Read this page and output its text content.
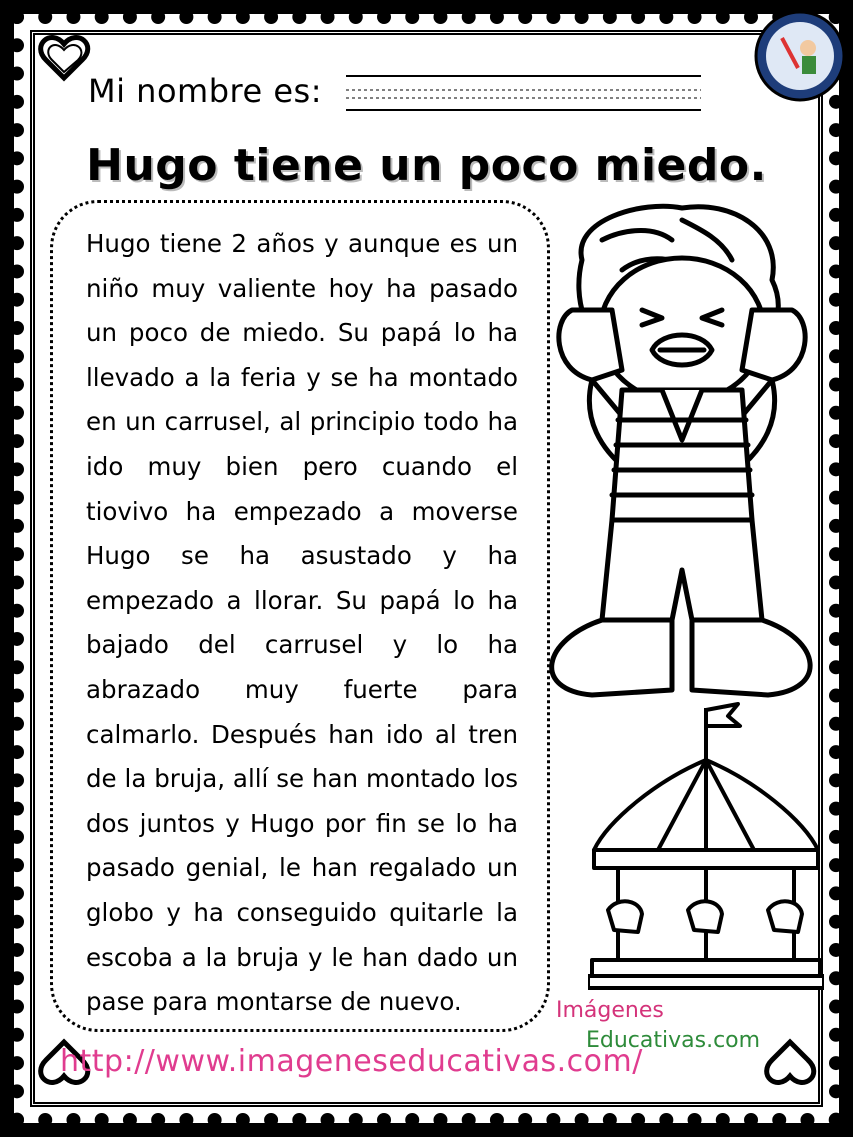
Mi nombre es:
Hugo tiene un poco miedo.
Hugo tiene 2 años y aunque es un niño muy valiente hoy ha pasado un poco de miedo. Su papá lo ha llevado a la feria y se ha montado en un carrusel, al principio todo ha ido muy bien pero cuando el tiovivo ha empezado a moverse Hugo se ha asustado y ha empezado a llorar. Su papá lo ha bajado del carrusel y lo ha abrazado muy fuerte para calmarlo. Después han ido al tren de la bruja, allí se han montado los dos juntos y Hugo por fin se lo ha pasado genial, le han regalado un globo y ha conseguido quitarle la escoba a la bruja y le han dado un pase para montarse de nuevo.	Imágenes
Educativas.com
http://www.imageneseducativas.com/
